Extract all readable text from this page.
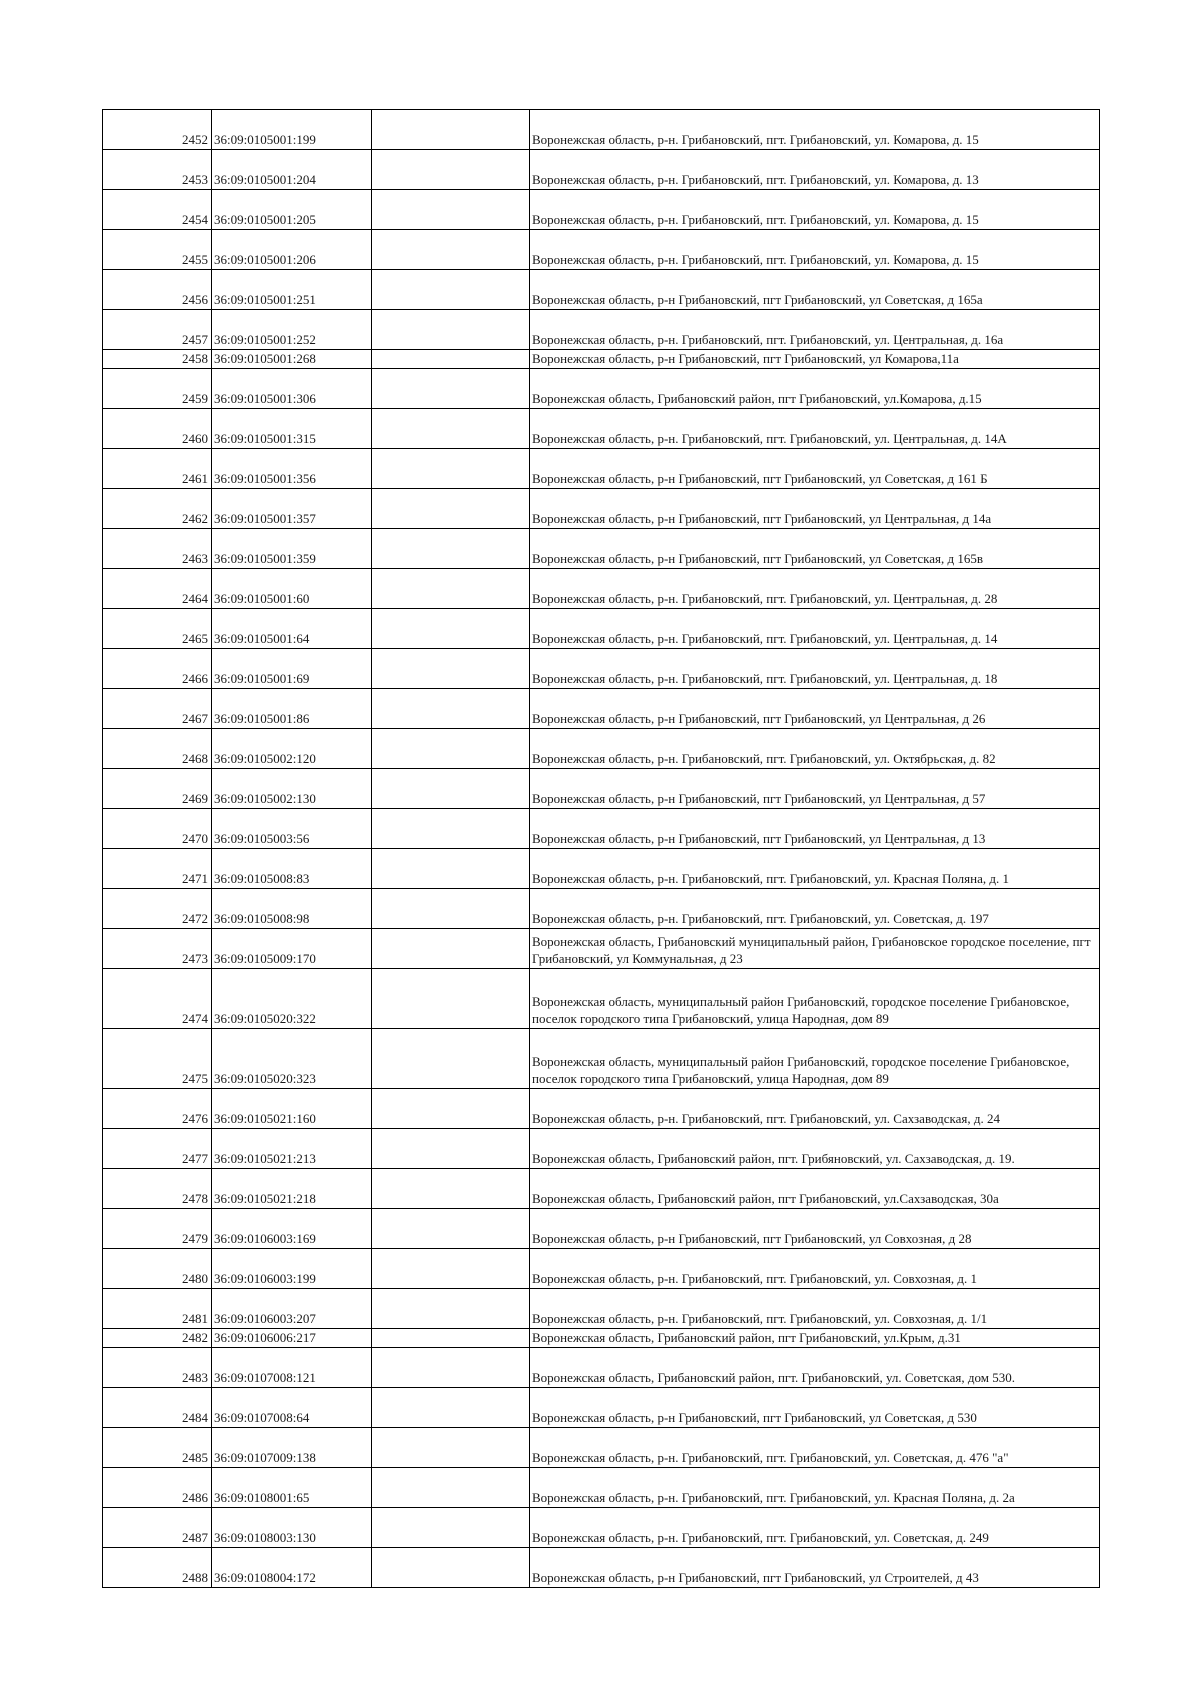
2452	36:09:0105001:199		Воронежская область, р-н. Грибановский, пгт. Грибановский, ул. Комарова, д. 15
2453	36:09:0105001:204		Воронежская область, р-н. Грибановский, пгт. Грибановский, ул. Комарова, д. 13
2454	36:09:0105001:205		Воронежская область, р-н. Грибановский, пгт. Грибановский, ул. Комарова, д. 15
2455	36:09:0105001:206		Воронежская область, р-н. Грибановский, пгт. Грибановский, ул. Комарова, д. 15
2456	36:09:0105001:251		Воронежская область, р-н Грибановский, пгт Грибановский, ул Советская, д 165а
2457	36:09:0105001:252		Воронежская область, р-н. Грибановский, пгт. Грибановский, ул. Центральная, д. 16а
2458	36:09:0105001:268		Воронежская область, р-н Грибановский, пгт Грибановский, ул Комарова,11а
2459	36:09:0105001:306		Воронежская область, Грибановский район, пгт Грибановский, ул.Комарова, д.15
2460	36:09:0105001:315		Воронежская область, р-н. Грибановский, пгт. Грибановский, ул. Центральная, д. 14А
2461	36:09:0105001:356		Воронежская область, р-н Грибановский, пгт Грибановский, ул Советская, д 161 Б
2462	36:09:0105001:357		Воронежская область, р-н Грибановский, пгт Грибановский, ул Центральная, д 14а
2463	36:09:0105001:359		Воронежская область, р-н Грибановский, пгт Грибановский, ул Советская, д 165в
2464	36:09:0105001:60		Воронежская область, р-н. Грибановский, пгт. Грибановский, ул. Центральная, д. 28
2465	36:09:0105001:64		Воронежская область, р-н. Грибановский, пгт. Грибановский, ул. Центральная, д. 14
2466	36:09:0105001:69		Воронежская область, р-н. Грибановский, пгт. Грибановский, ул. Центральная, д. 18
2467	36:09:0105001:86		Воронежская область, р-н Грибановский, пгт Грибановский, ул Центральная, д 26
2468	36:09:0105002:120		Воронежская область, р-н. Грибановский, пгт. Грибановский, ул. Октябрьская, д. 82
2469	36:09:0105002:130		Воронежская область, р-н Грибановский, пгт Грибановский, ул Центральная, д 57
2470	36:09:0105003:56		Воронежская область, р-н Грибановский, пгт Грибановский, ул Центральная, д 13
2471	36:09:0105008:83		Воронежская область, р-н. Грибановский, пгт. Грибановский, ул. Красная Поляна, д. 1
2472	36:09:0105008:98		Воронежская область, р-н. Грибановский, пгт. Грибановский, ул. Советская, д. 197
2473	36:09:0105009:170		Воронежская область, Грибановский муниципальный район, Грибановское городское поселение, пгт Грибановский, ул Коммунальная, д 23
2474	36:09:0105020:322		Воронежская область, муниципальный район Грибановский, городское поселение Грибановское, поселок городского типа Грибановский, улица Народная, дом 89
2475	36:09:0105020:323		Воронежская область, муниципальный район Грибановский, городское поселение Грибановское, поселок городского типа Грибановский, улица Народная, дом 89
2476	36:09:0105021:160		Воронежская область, р-н. Грибановский, пгт. Грибановский, ул. Сахзаводская, д. 24
2477	36:09:0105021:213		Воронежская область, Грибановский район, пгт. Грибяновский, ул. Сахзаводская, д. 19.
2478	36:09:0105021:218		Воронежская область, Грибановский район, пгт Грибановский, ул.Сахзаводская, 30а
2479	36:09:0106003:169		Воронежская область, р-н Грибановский, пгт Грибановский, ул Совхозная, д 28
2480	36:09:0106003:199		Воронежская область, р-н. Грибановский, пгт. Грибановский, ул. Совхозная, д. 1
2481	36:09:0106003:207		Воронежская область, р-н. Грибановский, пгт. Грибановский, ул. Совхозная, д. 1/1
2482	36:09:0106006:217		Воронежская область, Грибановский район, пгт Грибановский, ул.Крым, д.31
2483	36:09:0107008:121		Воронежская область, Грибановский район, пгт. Грибановский, ул. Советская, дом 530.
2484	36:09:0107008:64		Воронежская область, р-н Грибановский, пгт Грибановский, ул Советская, д 530
2485	36:09:0107009:138		Воронежская область, р-н. Грибановский, пгт. Грибановский, ул. Советская, д. 476 "а"
2486	36:09:0108001:65		Воронежская область, р-н. Грибановский, пгт. Грибановский, ул. Красная Поляна, д. 2а
2487	36:09:0108003:130		Воронежская область, р-н. Грибановский, пгт. Грибановский, ул. Советская, д. 249
2488	36:09:0108004:172		Воронежская область, р-н Грибановский, пгт Грибановский, ул Строителей, д 43
